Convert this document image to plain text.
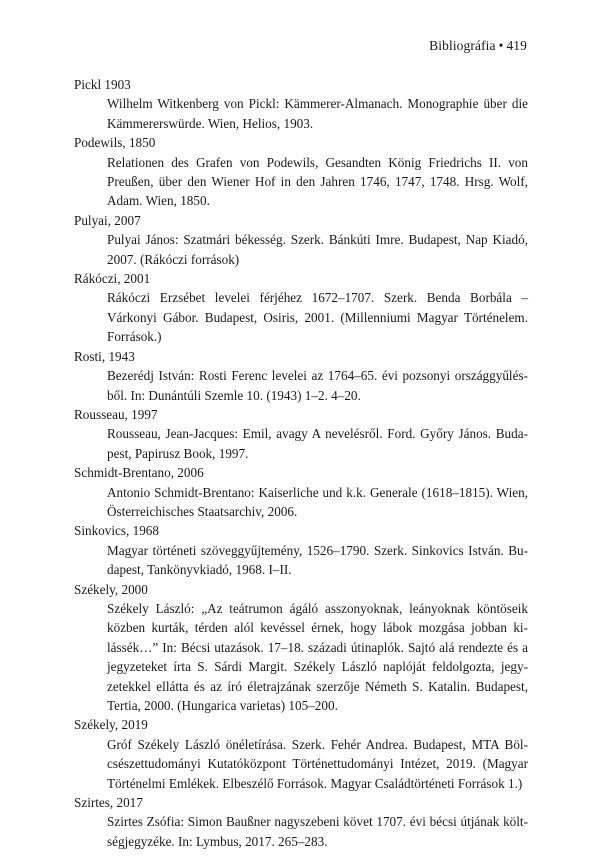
Bibliográfia • 419
Pickl 1903
Wilhelm Witkenberg von Pickl: Kämmerer-Almanach. Monographie über die Kämmererswürde. Wien, Helios, 1903.
Podewils, 1850
Relationen des Grafen von Podewils, Gesandten König Friedrichs II. von Preußen, über den Wiener Hof in den Jahren 1746, 1747, 1748. Hrsg. Wolf, Adam. Wien, 1850.
Pulyai, 2007
Pulyai János: Szatmári békesség. Szerk. Bánkúti Imre. Budapest, Nap Kiadó, 2007. (Rákóczi források)
Rákóczi, 2001
Rákóczi Erzsébet levelei férjéhez 1672–1707. Szerk. Benda Borbála – Várkonyi Gábor. Budapest, Osiris, 2001. (Millenniumi Magyar Történelem. Források.)
Rosti, 1943
Bezerédj István: Rosti Ferenc levelei az 1764–65. évi pozsonyi országgyűlésből. In: Dunántúli Szemle 10. (1943) 1–2. 4–20.
Rousseau, 1997
Rousseau, Jean-Jacques: Emil, avagy A nevelésről. Ford. Győry János. Budapest, Papirusz Book, 1997.
Schmidt-Brentano, 2006
Antonio Schmidt-Brentano: Kaiserliche und k.k. Generale (1618–1815). Wien, Österreichisches Staatsarchiv, 2006.
Sinkovics, 1968
Magyar történeti szöveggyűjtemény, 1526–1790. Szerk. Sinkovics István. Budapest, Tankönyvkiadó, 1968. I–II.
Székely, 2000
Székely László: „Az teátrumon ágáló asszonyoknak, leányoknak köntöseik közben kurták, térden alól kevéssel érnek, hogy lábok mozgása jobban kilássék…” In: Bécsi utazások. 17–18. századi útinaplók. Sajtó alá rendezte és a jegyzeteket írta S. Sárdi Margit. Székely László naplóját feldolgozta, jegyzetekkel ellátta és az író életrajzának szerzője Németh S. Katalin. Budapest, Tertia, 2000. (Hungarica varietas) 105–200.
Székely, 2019
Gróf Székely László önéletírása. Szerk. Fehér Andrea. Budapest, MTA Bölcsészettudományi Kutatóközpont Történettudományi Intézet, 2019. (Magyar Történelmi Emlékek. Elbeszélő Források. Magyar Családtörténeti Források 1.)
Szirtes, 2017
Szirtes Zsófia: Simon Baußner nagyszebeni követ 1707. évi bécsi útjának költségjegyzéke. In: Lymbus, 2017. 265–283.
